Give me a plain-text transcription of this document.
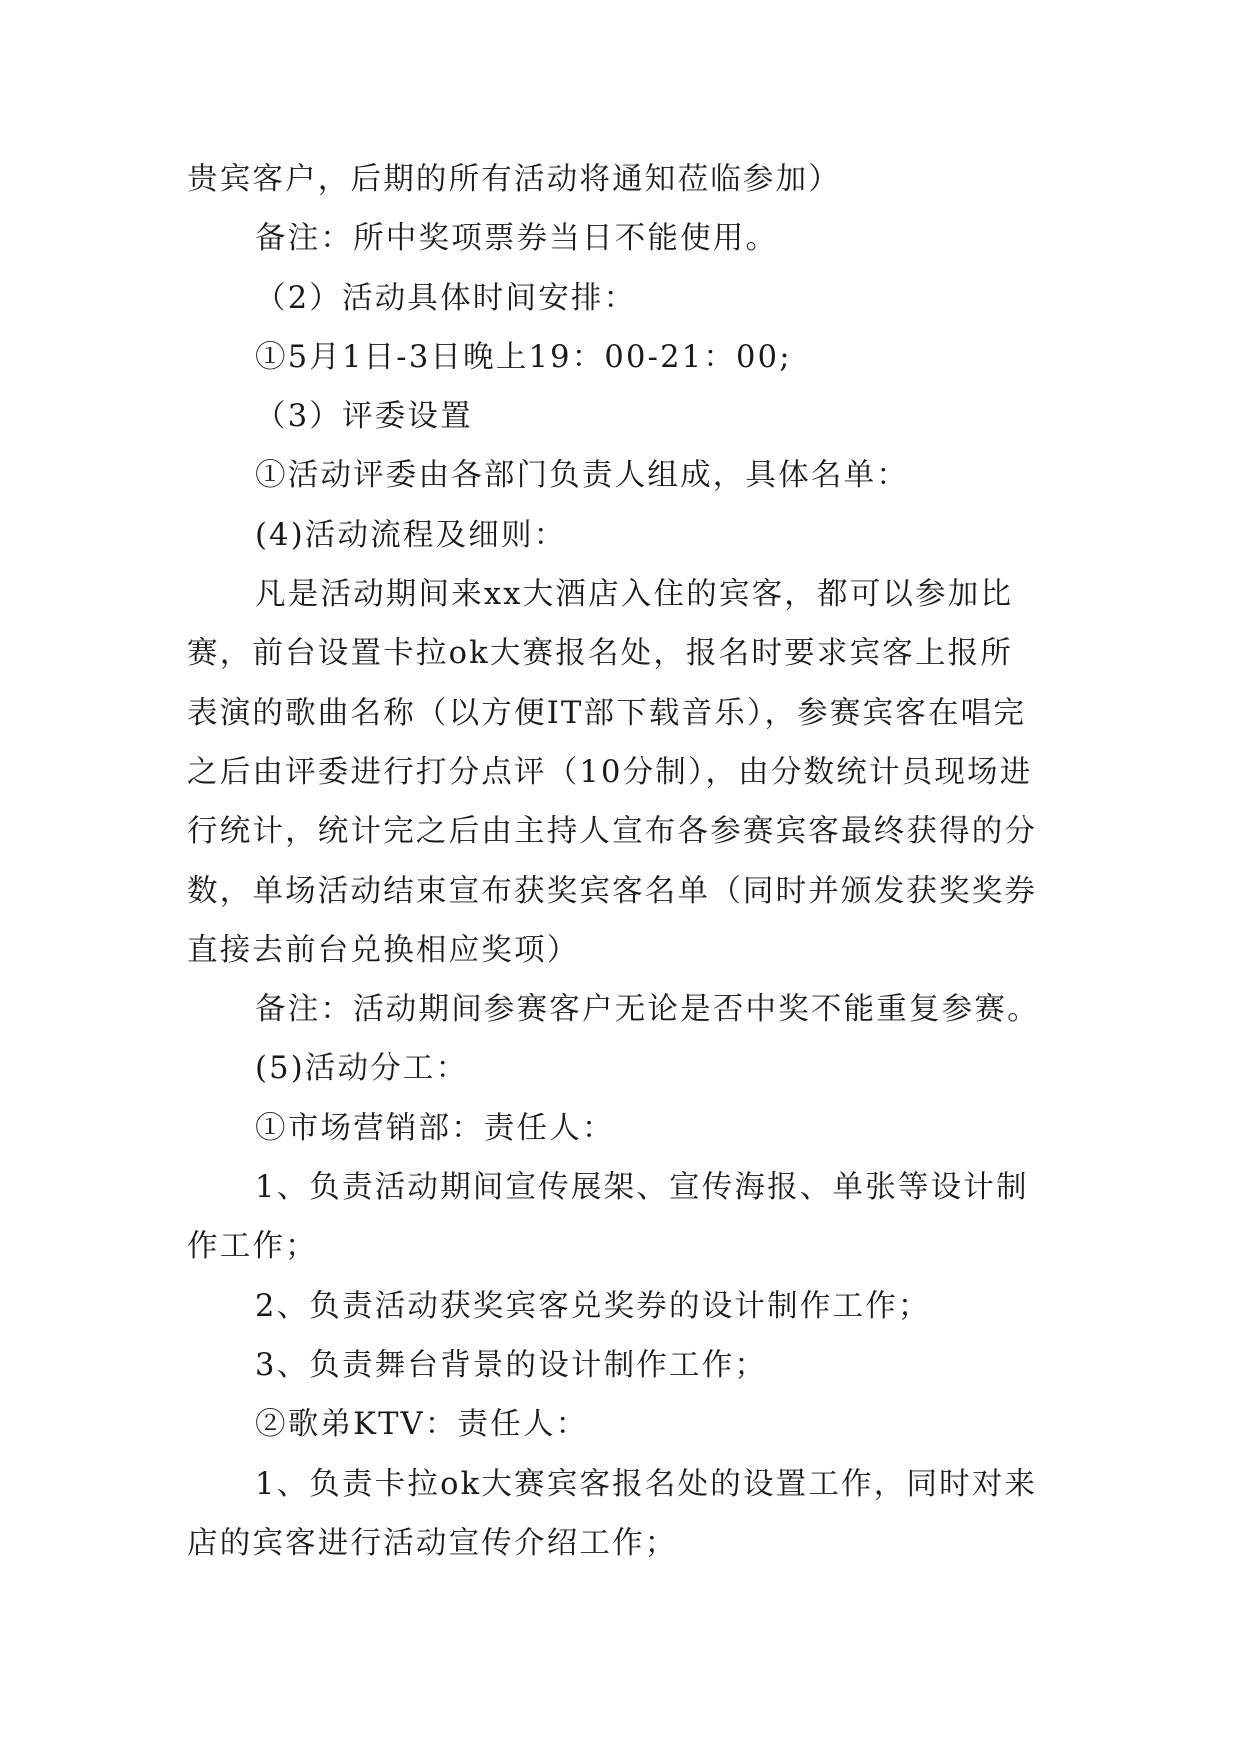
贵宾客户，后期的所有活动将通知莅临参加）
备注：所中奖项票券当日不能使用。
（2）活动具体时间安排：
①5月1日-3日晚上19：00-21：00;
（3）评委设置
①活动评委由各部门负责人组成，具体名单：
(4)活动流程及细则：
凡是活动期间来xx大酒店入住的宾客，都可以参加比
赛，前台设置卡拉ok大赛报名处，报名时要求宾客上报所
表演的歌曲名称（以方便IT部下载音乐），参赛宾客在唱完
之后由评委进行打分点评（10分制），由分数统计员现场进
行统计，统计完之后由主持人宣布各参赛宾客最终获得的分
数，单场活动结束宣布获奖宾客名单（同时并颁发获奖奖券
直接去前台兑换相应奖项）
备注：活动期间参赛客户无论是否中奖不能重复参赛。
(5)活动分工：
①市场营销部：责任人：
1、负责活动期间宣传展架、宣传海报、单张等设计制
作工作；
2、负责活动获奖宾客兑奖券的设计制作工作；
3、负责舞台背景的设计制作工作；
②歌弟KTV：责任人：
1、负责卡拉ok大赛宾客报名处的设置工作，同时对来
店的宾客进行活动宣传介绍工作；
